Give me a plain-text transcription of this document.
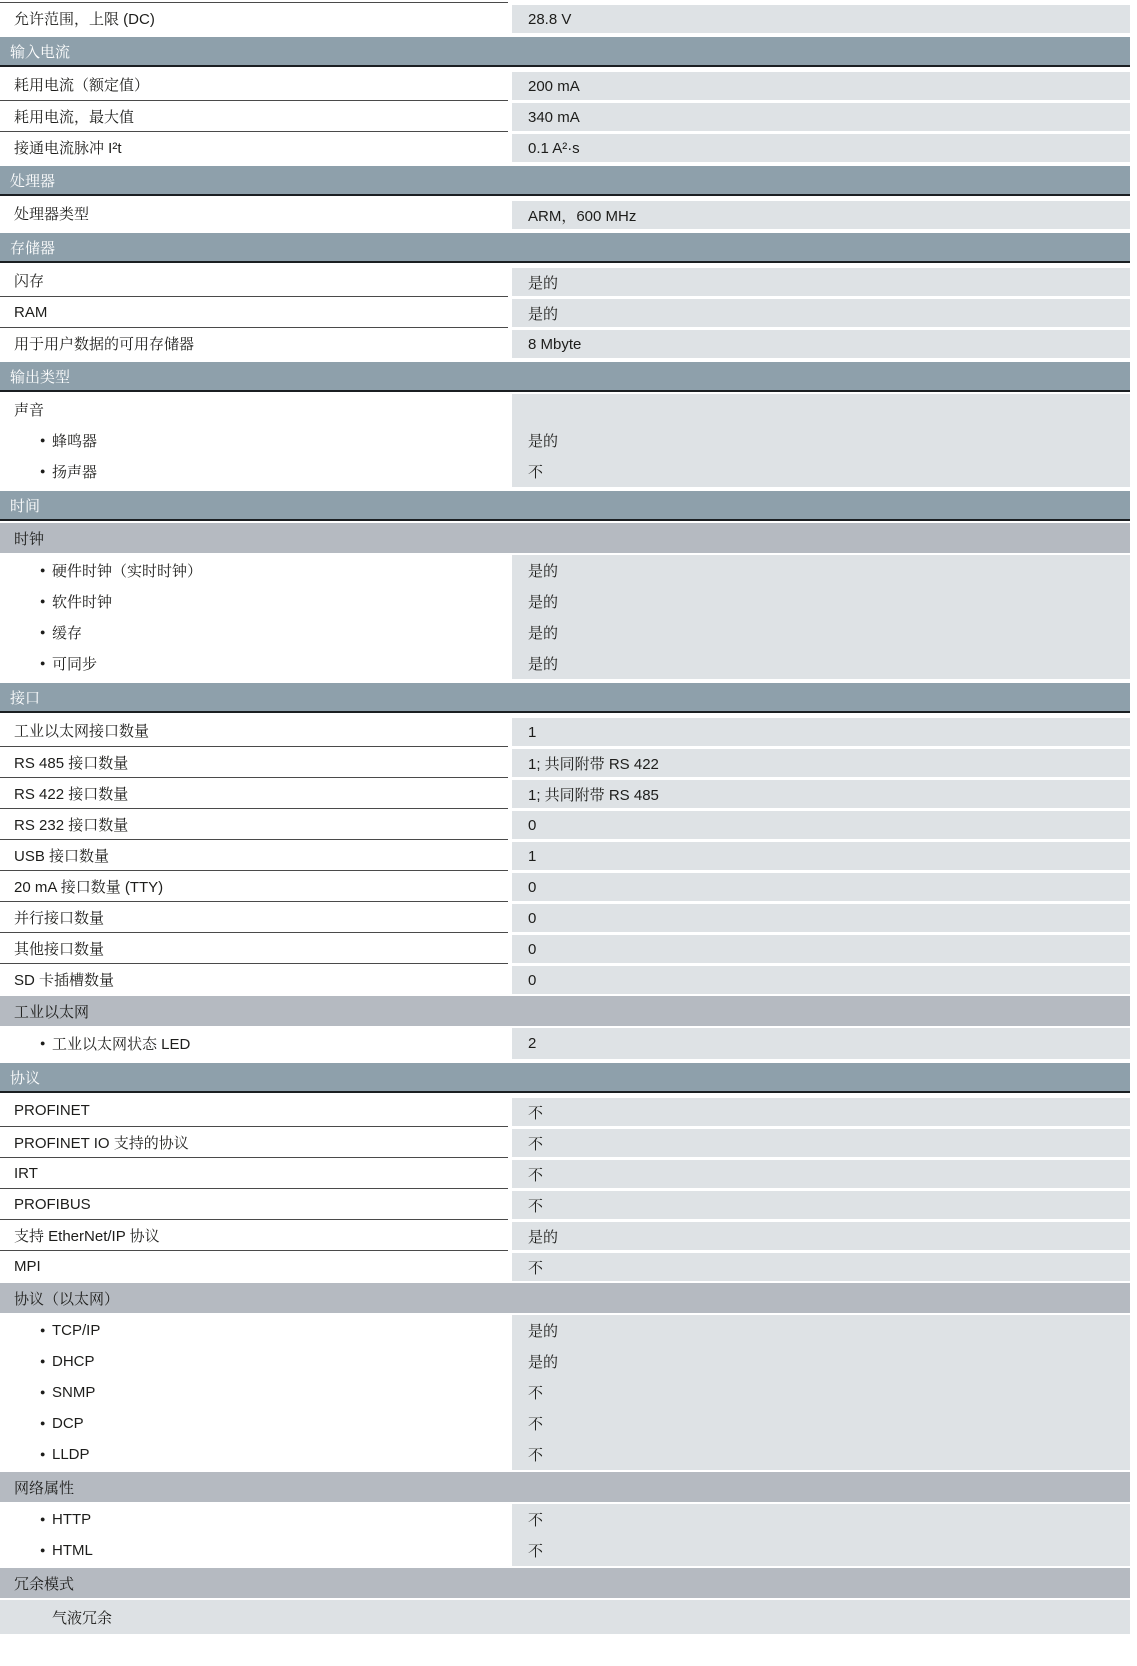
允许范围，上限 (DC)	28.8 V
输入电流
耗用电流（额定值）	200 mA
耗用电流，最大值	340 mA
接通电流脉冲 I²t	0.1 A²·s
处理器
处理器类型	ARM，600 MHz
存储器
闪存	是的
RAM	是的
用于用户数据的可用存储器	8 Mbyte
输出类型
声音
● 蜂鸣器	是的
● 扬声器	不
时间
时钟
● 硬件时钟（实时时钟）	是的
● 软件时钟	是的
● 缓存	是的
● 可同步	是的
接口
工业以太网接口数量	1
RS 485 接口数量	1; 共同附带 RS 422
RS 422 接口数量	1; 共同附带 RS 485
RS 232 接口数量	0
USB 接口数量	1
20 mA 接口数量 (TTY)	0
并行接口数量	0
其他接口数量	0
SD 卡插槽数量	0
工业以太网
● 工业以太网状态 LED	2
协议
PROFINET	不
PROFINET IO 支持的协议	不
IRT	不
PROFIBUS	不
支持 EtherNet/IP 协议	是的
MPI	不
协议（以太网）
● TCP/IP	是的
● DHCP	是的
● SNMP	不
● DCP	不
● LLDP	不
网络属性
● HTTP	不
● HTML	不
冗余模式
气液冗余
